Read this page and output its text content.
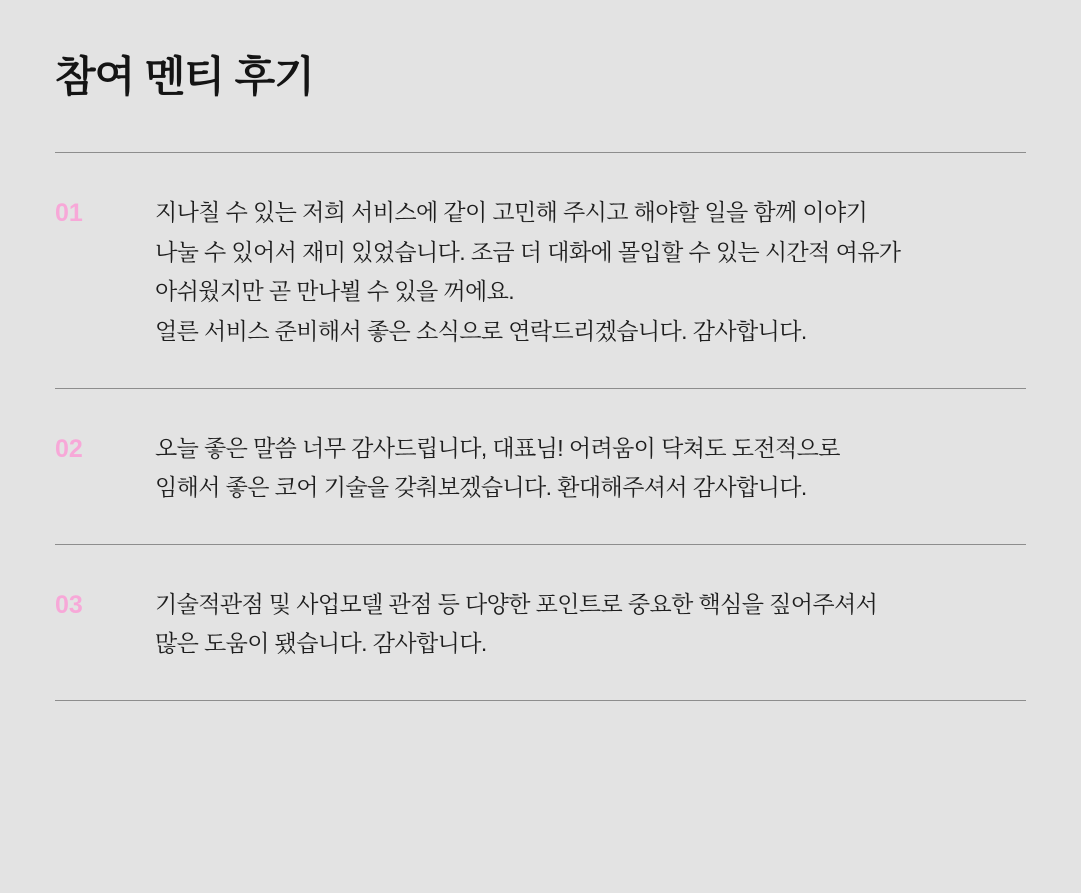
참여 멘티 후기
01	지나칠 수 있는 저희 서비스에 같이 고민해 주시고 해야할 일을 함께 이야기
나눌 수 있어서 재미 있었습니다. 조금 더 대화에 몰입할 수 있는 시간적 여유가
아쉬웠지만 곧 만나뵐 수 있을 꺼에요.
얼른 서비스 준비해서 좋은 소식으로 연락드리겠습니다. 감사합니다.
02	오늘 좋은 말씀 너무 감사드립니다, 대표님! 어려움이 닥쳐도 도전적으로
임해서 좋은 코어 기술을 갖춰보겠습니다. 환대해주셔서 감사합니다.
03	기술적관점 및 사업모델 관점 등 다양한 포인트로 중요한 핵심을 짚어주셔서
많은 도움이 됐습니다. 감사합니다.
